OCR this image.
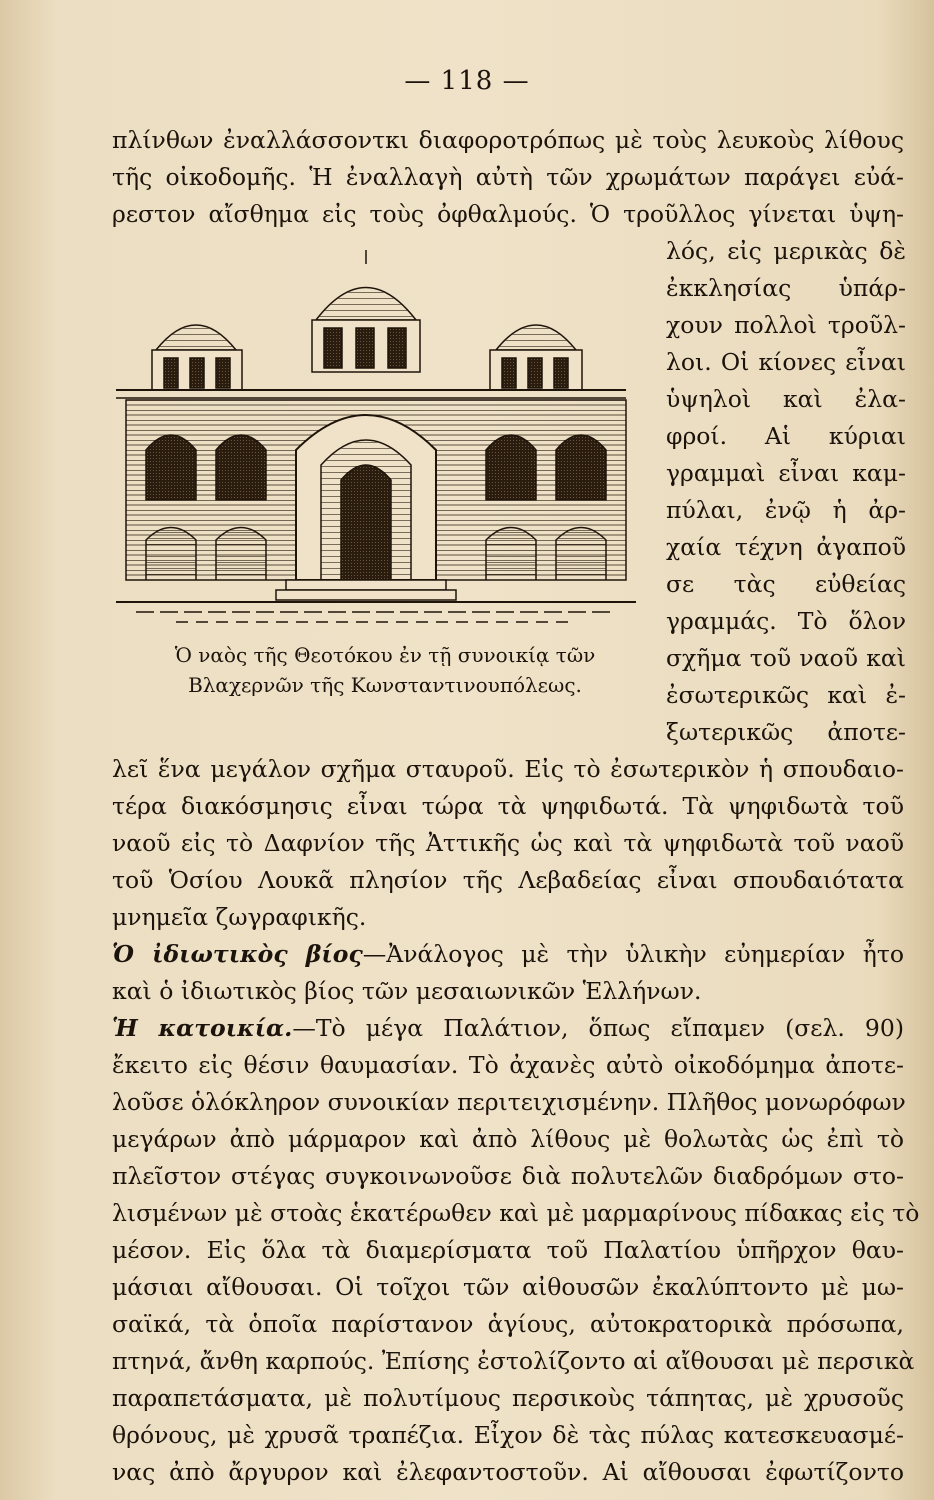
— 118 —
πλίνθων ἐναλλάσσοντκι διαφοροτρόπως μὲ τοὺς λευκοὺς λίθους
τῆς οἰκοδομῆς. Ἡ ἐναλλαγὴ αὐτὴ τῶν χρωμάτων παράγει εὐά-
ρεστον αἴσθημα εἰς τοὺς ὀφθαλμούς. Ὁ τροῦλλος γίνεται ὑψη-
Ὁ ναὸς τῆς Θεοτόκου ἐν τῇ συνοικίᾳ τῶν
Βλαχερνῶν τῆς Κωνσταντινουπόλεως.
λός, εἰς μερικὰς δὲ
ἐκκλησίας ὑπάρ-
χουν πολλοὶ τροῦλ-
λοι. Οἱ κίονες εἶναι
ὑψηλοὶ καὶ ἐλα-
φροί. Αἱ κύριαι
γραμμαὶ εἶναι καμ-
πύλαι, ἐνῷ ἡ ἀρ-
χαία τέχνη ἀγαποῦ
σε τὰς εὐθείας
γραμμάς. Τὸ ὅλον
σχῆμα τοῦ ναοῦ καὶ
ἐσωτερικῶς καὶ ἐ-
ξωτερικῶς ἀποτε-
λεῖ ἕνα μεγάλον σχῆμα σταυροῦ. Εἰς τὸ ἐσωτερικὸν ἡ σπουδαιο-
τέρα διακόσμησις εἶναι τώρα τὰ ψηφιδωτά. Τὰ ψηφιδωτὰ τοῦ
ναοῦ εἰς τὸ Δαφνίον τῆς Ἀττικῆς ὡς καὶ τὰ ψηφιδωτὰ τοῦ ναοῦ
τοῦ Ὁσίου Λουκᾶ πλησίον τῆς Λεβαδείας εἶναι σπουδαιότατα
μνημεῖα ζωγραφικῆς.
Ὁ ἰδιωτικὸς βίος—Ἀνάλογος μὲ τὴν ὑλικὴν εὐημερίαν ἦτο
καὶ ὁ ἰδιωτικὸς βίος τῶν μεσαιωνικῶν Ἑλλήνων.
Ἡ κατοικία.—Τὸ μέγα Παλάτιον, ὅπως εἴπαμεν (σελ. 90)
ἔκειτο εἰς θέσιν θαυμασίαν. Τὸ ἀχανὲς αὐτὸ οἰκοδόμημα ἀποτε-
λοῦσε ὁλόκληρον συνοικίαν περιτειχισμένην. Πλῆθος μονωρόφων
μεγάρων ἀπὸ μάρμαρον καὶ ἀπὸ λίθους μὲ θολωτὰς ὡς ἐπὶ τὸ
πλεῖστον στέγας συγκοινωνοῦσε διὰ πολυτελῶν διαδρόμων στο-
λισμένων μὲ στοὰς ἑκατέρωθεν καὶ μὲ μαρμαρίνους πίδακας εἰς τὸ
μέσον. Εἰς ὅλα τὰ διαμερίσματα τοῦ Παλατίου ὑπῆρχον θαυ-
μάσιαι αἴθουσαι. Οἱ τοῖχοι τῶν αἰθουσῶν ἐκαλύπτοντο μὲ μω-
σαϊκά, τὰ ὁποῖα παρίστανον ἁγίους, αὐτοκρατορικὰ πρόσωπα,
πτηνά, ἄνθη καρπούς. Ἐπίσης ἐστολίζοντο αἱ αἴθουσαι μὲ περσικὰ
παραπετάσματα, μὲ πολυτίμους περσικοὺς τάπητας, μὲ χρυσοῦς
θρόνους, μὲ χρυσᾶ τραπέζια. Εἶχον δὲ τὰς πύλας κατεσκευασμέ-
νας ἀπὸ ἄργυρον καὶ ἐλεφαντοστοῦν. Αἱ αἴθουσαι ἐφωτίζοντο
